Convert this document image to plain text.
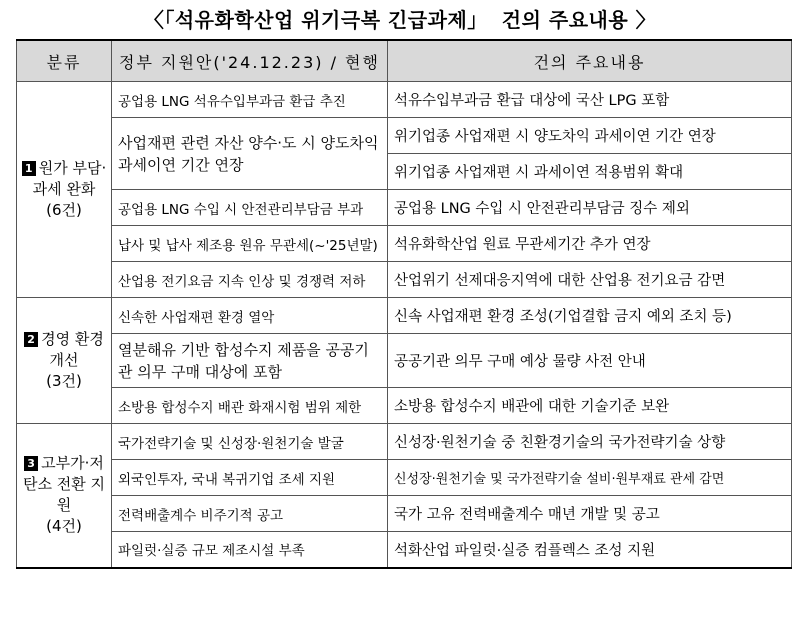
〈「석유화학산업 위기극복 긴급과제」 건의 주요내용 〉
분류	정부 지원안('24.12.23) / 현행	건의 주요내용
1 원가 부담·과세 완화
(6건)	공업용 LNG 석유수입부과금 환급 추진	석유수입부과금 환급 대상에 국산 LPG 포함
	사업재편 관련 자산 양수·도 시 양도차익 과세이연 기간 연장	위기업종 사업재편 시 양도차익 과세이연 기간 연장
		위기업종 사업재편 시 과세이연 적용범위 확대
	공업용 LNG 수입 시 안전관리부담금 부과	공업용 LNG 수입 시 안전관리부담금 징수 제외
	납사 및 납사 제조용 원유 무관세(~'25년말)	석유화학산업 원료 무관세기간 추가 연장
	산업용 전기요금 지속 인상 및 경쟁력 저하	산업위기 선제대응지역에 대한 산업용 전기요금 감면

2 경영 환경 개선
(3건)	신속한 사업재편 환경 열악	신속 사업재편 환경 조성(기업결합 금지 예외 조치 등)
	열분해유 기반 합성수지 제품을 공공기관 의무 구매 대상에 포함	공공기관 의무 구매 예상 물량 사전 안내
	소방용 합성수지 배관 화재시험 범위 제한	소방용 합성수지 배관에 대한 기술기준 보완
3 고부가·저탄소 전환 지원
(4건)	국가전략기술 및 신성장·원천기술 발굴	신성장·원천기술 중 친환경기술의 국가전략기술 상향
	외국인투자, 국내 복귀기업 조세 지원	신성장·원천기술 및 국가전략기술 설비·원부재료 관세 감면
	전력배출계수 비주기적 공고	국가 고유 전력배출계수 매년 개발 및 공고
	파일럿·실증 규모 제조시설 부족	석화산업 파일럿·실증 컴플렉스 조성 지원
